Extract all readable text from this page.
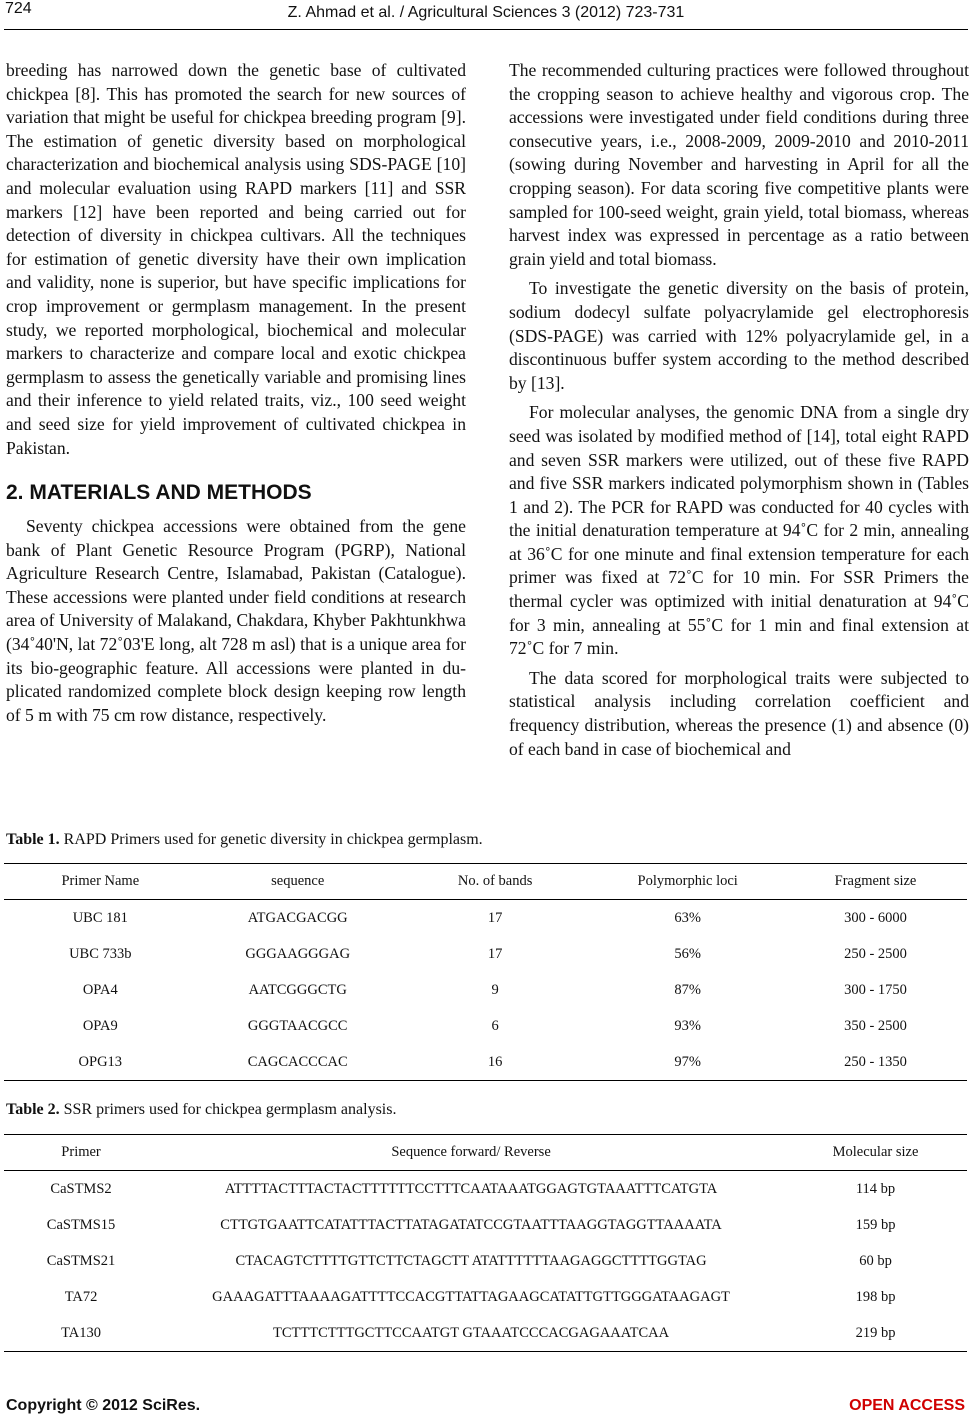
724	Z. Ahmad et al. / Agricultural Sciences 3 (2012) 723-731

breeding has narrowed down the genetic base of cultivated chickpea [8]. This has promoted the search for new sources of variation that might be useful for chickpea breeding program [9]. The estimation of genetic diversity based on morphological characterization and biochemical analysis using SDS-PAGE [10] and molecular evaluation using RAPD markers [11] and SSR markers [12] have been reported and being carried out for detection of diversity in chickpea cultivars. All the techniques for estimation of genetic diversity have their own implication and validity, none is superior, but have specific implications for crop improvement or germplasm management. In the present study, we reported morphological, biochemical and molecular markers to characterize and compare local and exotic chickpea germplasm to assess the genetically variable and promising lines and their inference to yield related traits, viz., 100 seed weight and seed size for yield improvement of cultivated chickpea in Pakistan.

2. MATERIALS AND METHODS

Seventy chickpea accessions were obtained from the gene bank of Plant Genetic Resource Program (PGRP), National Agriculture Research Centre, Islamabad, Pakistan (Catalogue). These accessions were planted under field conditions at research area of University of Malakand, Chakdara, Khyber Pakhtunkhwa (34˚40'N, lat 72˚03'E long, alt 728 m asl) that is a unique area for its bio-geographic feature. All accessions were planted in du- plicated randomized complete block design keeping row length of 5 m with 75 cm row distance, respectively.

The recommended culturing practices were followed throughout the cropping season to achieve healthy and vigorous crop. The accessions were investigated under field conditions during three consecutive years, i.e., 2008-2009, 2009-2010 and 2010-2011 (sowing during November and harvesting in April for all the cropping season). For data scoring five competitive plants were sampled for 100-seed weight, grain yield, total biomass, whereas harvest index was expressed in percentage as a ratio between grain yield and total biomass.

To investigate the genetic diversity on the basis of protein, sodium dodecyl sulfate polyacrylamide gel electrophoresis (SDS-PAGE) was carried with 12% polyacrylamide gel, in a discontinuous buffer system according to the method described by [13].

For molecular analyses, the genomic DNA from a single dry seed was isolated by modified method of [14], total eight RAPD and seven SSR markers were utilized, out of these five RAPD and five SSR markers indicated polymorphism shown in (Tables 1 and 2). The PCR for RAPD was conducted for 40 cycles with the initial denaturation temperature at 94˚C for 2 min, annealing at 36˚C for one minute and final extension temperature for each primer was fixed at 72˚C for 10 min. For SSR Primers the thermal cycler was optimized with initial denaturation at 94˚C for 3 min, annealing at 55˚C for 1 min and final extension at 72˚C for 7 min.

The data scored for morphological traits were subjected to statistical analysis including correlation coefficient and frequency distribution, whereas the presence (1) and absence (0) of each band in case of biochemical and

Table 1. RAPD Primers used for genetic diversity in chickpea germplasm.
Primer Name	sequence	No. of bands	Polymorphic loci	Fragment size
UBC 181	ATGACGACGG	17	63%	300 - 6000
UBC 733b	GGGAAGGGAG	17	56%	250 - 2500
OPA4	AATCGGGCTG	9	87%	300 - 1750
OPA9	GGGTAACGCC	6	93%	350 - 2500
OPG13	CAGCACCCAC	16	97%	250 - 1350
Table 2. SSR primers used for chickpea germplasm analysis.
Primer	Sequence forward/ Reverse	Molecular size
CaSTMS2	ATTTTACTTTACTACTTTTTTCCTTTCAATAAATGGAGTGTAAATTTCATGTA	114 bp
CaSTMS15	CTTGTGAATTCATATTTACTTATAGATATCCGTAATTTAAGGTAGGTTAAAATA	159 bp
CaSTMS21	CTACAGTCTTTTGTTCTTCTAGCTT ATATTTTTTAAGAGGCTTTTGGTAG	60 bp
TA72	GAAAGATTTAAAAGATTTTCCACGTTATTAGAAGCATATTGTTGGGATAAGAGT	198 bp
TA130	TCTTTCTTTGCTTCCAATGT GTAAATCCCACGAGAAATCAA	219 bp
Copyright © 2012 SciRes.	OPEN ACCESS
